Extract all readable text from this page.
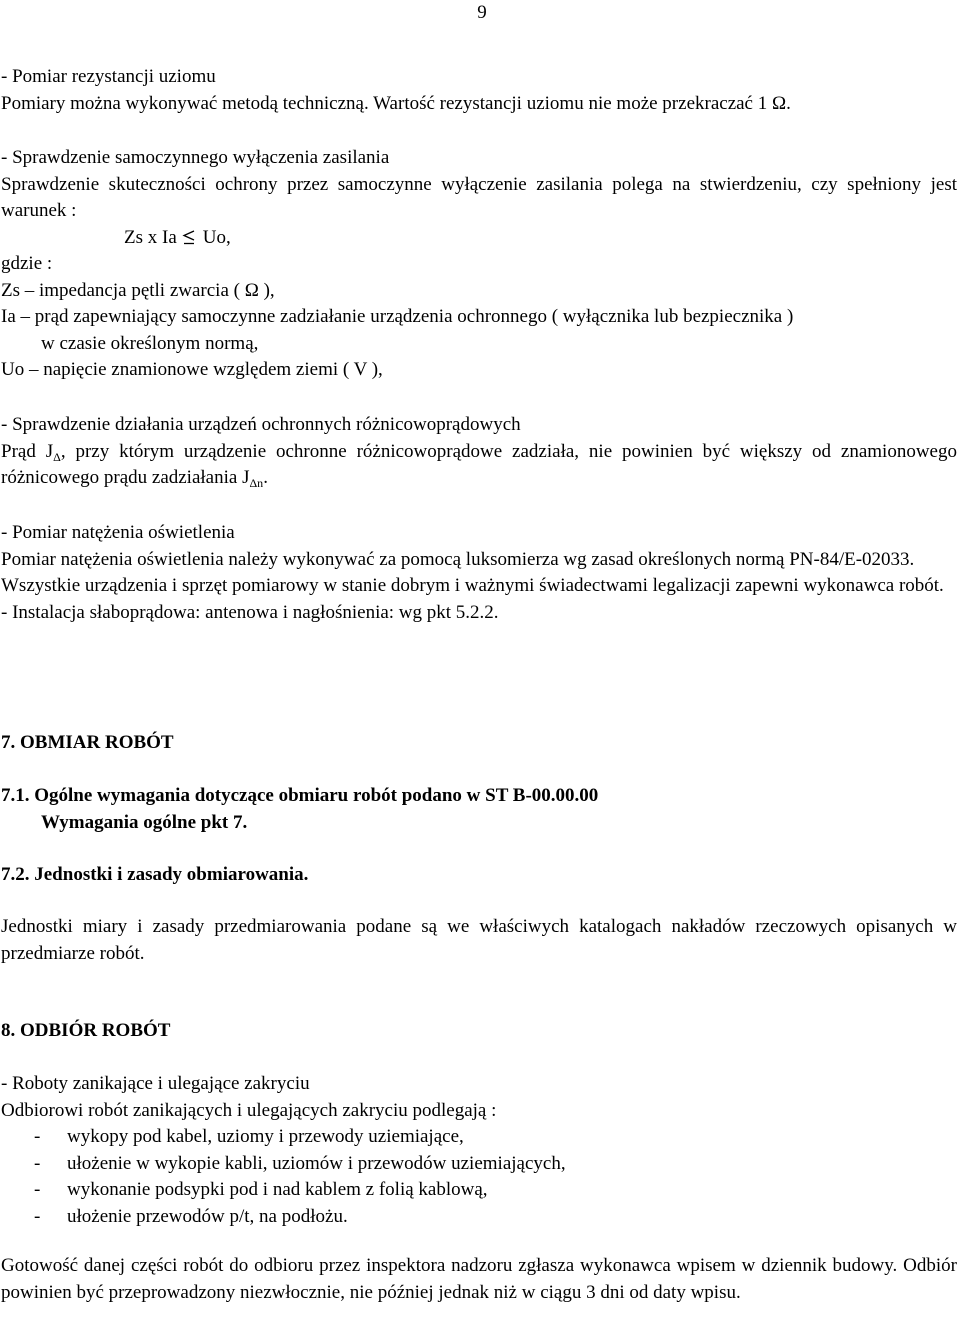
9

- Pomiar rezystancji uziomu

Pomiary można wykonywać metodą techniczną. Wartość rezystancji uziomu nie może przekraczać 1 Ω.

- Sprawdzenie samoczynnego wyłączenia zasilania

Sprawdzenie skuteczności ochrony przez samoczynne wyłączenie zasilania polega na stwierdzeniu, czy spełniony jest warunek :

Zs x Ia Uo,

gdzie :

Zs – impedancja pętli zwarcia ( Ω ),

Ia – prąd zapewniający samoczynne zadziałanie urządzenia ochronnego ( wyłącznika lub bezpiecznika )

w czasie określonym normą,

Uo – napięcie znamionowe względem ziemi ( V ),

- Sprawdzenie działania urządzeń ochronnych różnicowoprądowych

Prąd $J_\Delta$, przy którym urządzenie ochronne różnicowoprądowe zadziała, nie powinien być większy od znamionowego różnicowego prądu zadziałania $J_{\Delta n}$.

- Pomiar natężenia oświetlenia

Pomiar natężenia oświetlenia należy wykonywać za pomocą luksomierza wg zasad określonych normą PN-84/E-02033.

Wszystkie urządzenia i sprzęt pomiarowy w stanie dobrym i ważnymi świadectwami legalizacji zapewni wykonawca robót.

- Instalacja słaboprądowa: antenowa i nagłośnienia: wg pkt 5.2.2.

7. OBMIAR ROBÓT

7.1. Ogólne wymagania dotyczące obmiaru robót podano w ST B-00.00.00

Wymagania ogólne pkt 7.

7.2. Jednostki i zasady obmiarowania.

Jednostki miary i zasady przedmiarowania podane są we właściwych katalogach nakładów rzeczowych opisanych w przedmiarze robót.

8. ODBIÓR ROBÓT

- Roboty zanikające i ulegające zakryciu

Odbiorowi robót zanikających i ulegających zakryciu podlegają :

- wykopy pod kabel, uziomy i przewody uziemiające,

- ułożenie w wykopie kabli, uziomów i przewodów uziemiających,

- wykonanie podsypki pod i nad kablem z folią kablową,

- ułożenie przewodów p/t, na podłożu.

Gotowość danej części robót do odbioru przez inspektora nadzoru zgłasza wykonawca wpisem w dziennik budowy. Odbiór powinien być przeprowadzony niezwłocznie, nie później jednak niż w ciągu 3 dni od daty wpisu.
